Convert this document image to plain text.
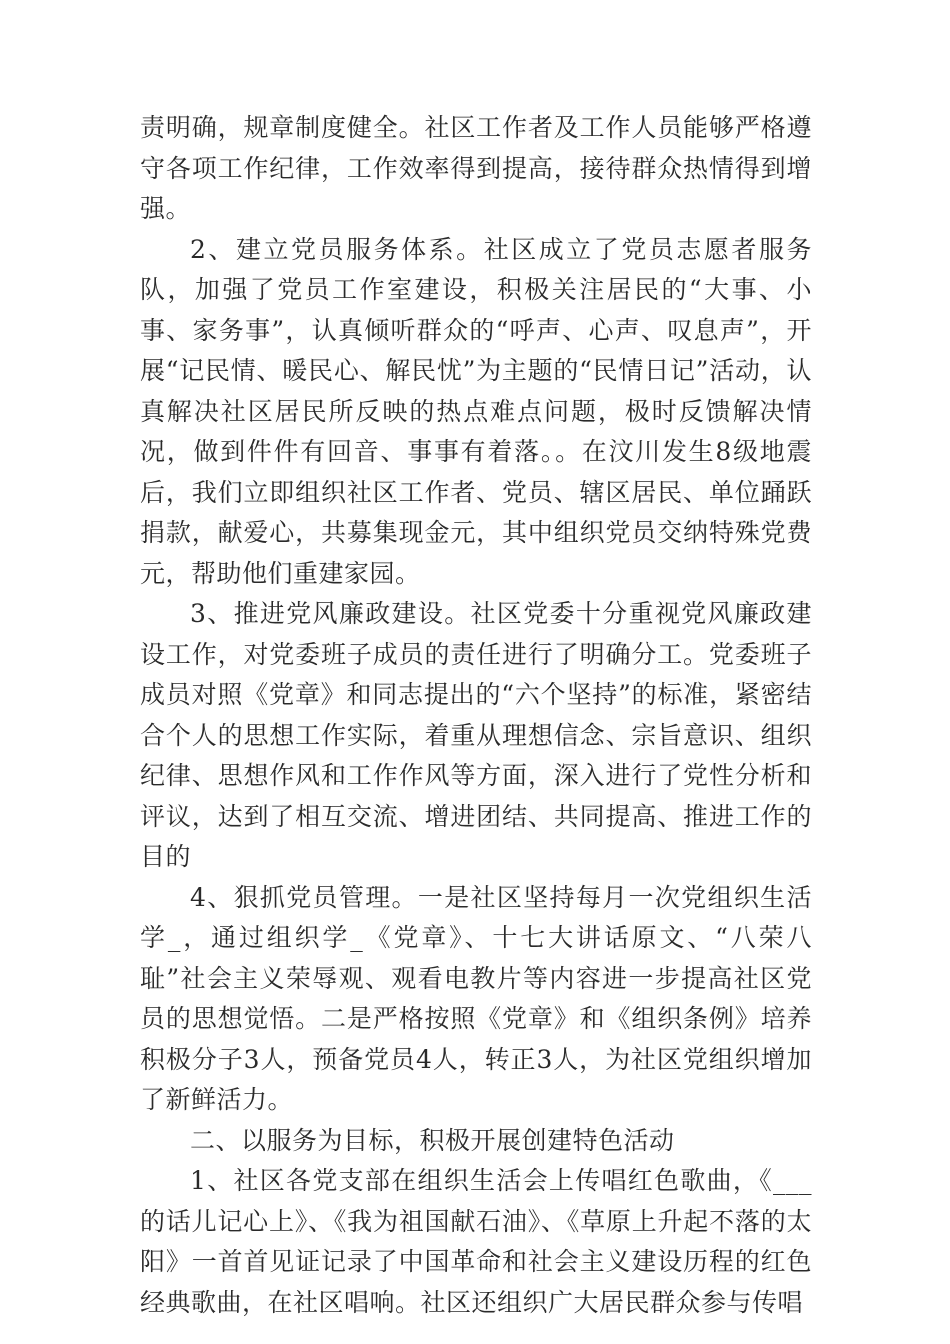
责明确，规章制度健全。社区工作者及工作人员能够严格遵守各项工作纪律，工作效率得到提高，接待群众热情得到增强。

2、建立党员服务体系。社区成立了党员志愿者服务队，加强了党员工作室建设，积极关注居民的“大事、小事、家务事”，认真倾听群众的“呼声、心声、叹息声”，开展“记民情、暖民心、解民忧”为主题的“民情日记”活动，认真解决社区居民所反映的热点难点问题，极时反馈解决情况，做到件件有回音、事事有着落。。在汶川发生8级地震后，我们立即组织社区工作者、党员、辖区居民、单位踊跃捐款，献爱心，共募集现金元，其中组织党员交纳特殊党费元，帮助他们重建家园。

3、推进党风廉政建设。社区党委十分重视党风廉政建设工作，对党委班子成员的责任进行了明确分工。党委班子成员对照《党章》和同志提出的“六个坚持”的标准，紧密结合个人的思想工作实际，着重从理想信念、宗旨意识、组织纪律、思想作风和工作作风等方面，深入进行了党性分析和评议，达到了相互交流、增进团结、共同提高、推进工作的目的

4、狠抓党员管理。一是社区坚持每月一次党组织生活学_，通过组织学_《党章》、十七大讲话原文、“八荣八耻”社会主义荣辱观、观看电教片等内容进一步提高社区党员的思想觉悟。二是严格按照《党章》和《组织条例》培养积极分子3人，预备党员4人，转正3人，为社区党组织增加了新鲜活力。

二、以服务为目标，积极开展创建特色活动

1、社区各党支部在组织生活会上传唱红色歌曲，《___的话儿记心上》、《我为祖国献石油》、《草原上升起不落的太阳》一首首见证记录了中国革命和社会主义建设历程的红色经典歌曲，在社区唱响。社区还组织广大居民群众参与传唱
